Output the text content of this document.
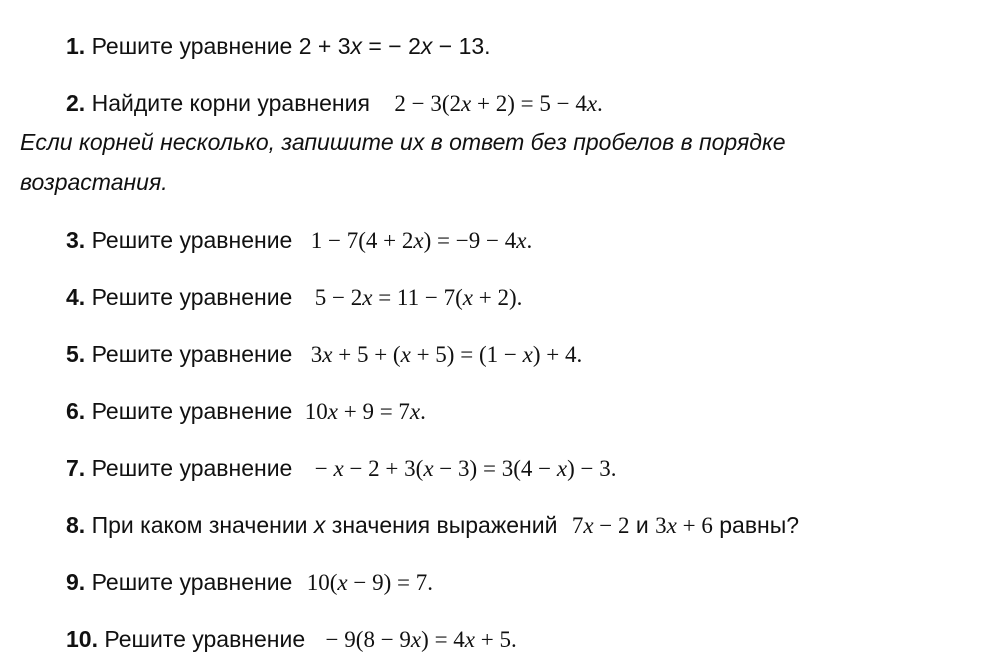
1. Решите уравнение 2 + 3x = − 2x − 13.
2. Найдите корни уравнения 2 − 3(2x + 2) = 5 − 4x.
Если корней несколько, запишите их в ответ без пробелов в порядке
возрастания.
3. Решите уравнение 1 − 7(4 + 2x) = −9 − 4x.
4. Решите уравнение 5 − 2x = 11 − 7(x + 2).
5. Решите уравнение 3x + 5 + (x + 5) = (1 − x) + 4.
6. Решите уравнение 10x + 9 = 7x.
7. Решите уравнение − x − 2 + 3(x − 3) = 3(4 − x) − 3.
8. При каком значении x значения выражений 7x − 2 и 3x + 6 равны?
9. Решите уравнение 10(x − 9) = 7.
10. Решите уравнение − 9(8 − 9x) = 4x + 5.
